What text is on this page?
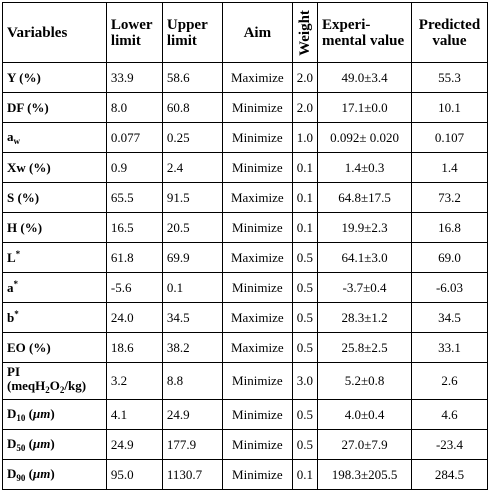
Variables	Lower limit	Upper limit	Aim	Weight	Experi-mental value	Predicted value
Y (%)	33.9	58.6	Maximize	2.0	49.0±3.4	55.3
DF (%)	8.0	60.8	Minimize	2.0	17.1±0.0	10.1
$a_w$	0.077	0.25	Minimize	1.0	0.092± 0.020	0.107
Xw (%)	0.9	2.4	Minimize	0.1	1.4±0.3	1.4
S (%)	65.5	91.5	Maximize	0.1	64.8±17.5	73.2
H (%)	16.5	20.5	Minimize	0.1	19.9±2.3	16.8
L*	61.8	69.9	Maximize	0.5	64.1±3.0	69.0
a*	-5.6	0.1	Minimize	0.5	-3.7±0.4	-6.03
b*	24.0	34.5	Maximize	0.5	28.3±1.2	34.5
EO (%)	18.6	38.2	Maximize	0.5	25.8±2.5	33.1
PI
$(meqH_2O_2/kg)$	3.2	8.8	Minimize	3.0	5.2±0.8	2.6
$D_{10}$ (μm)	4.1	24.9	Minimize	0.5	4.0±0.4	4.6
$D_{50}$ (μm)	24.9	177.9	Minimize	0.5	27.0±7.9	-23.4
$D_{90}$ (μm)	95.0	1130.7	Minimize	0.1	198.3±205.5	284.5
